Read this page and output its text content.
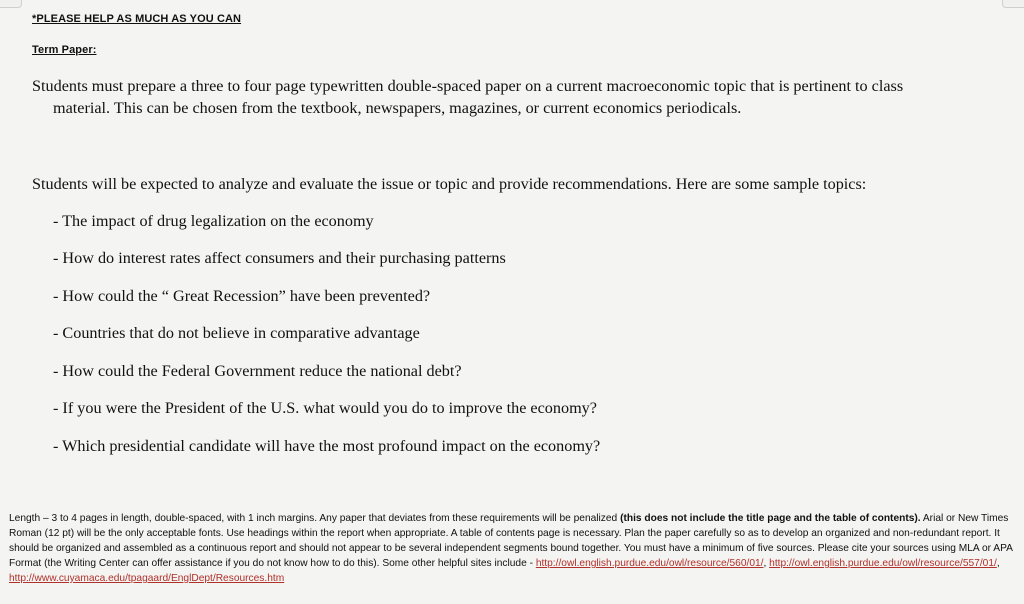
*PLEASE HELP AS MUCH AS YOU CAN
Term Paper:
Students must prepare a three to four page typewritten double-spaced paper on a current macroeconomic topic that is pertinent to class
material. This can be chosen from the textbook, newspapers, magazines, or current economics periodicals.
Students will be expected to analyze and evaluate the issue or topic and provide recommendations. Here are some sample topics:
- The impact of drug legalization on the economy
- How do interest rates affect consumers and their purchasing patterns
- How could the “ Great Recession” have been prevented?
- Countries that do not believe in comparative advantage
- How could the Federal Government reduce the national debt?
- If you were the President of the U.S. what would you do to improve the economy?
- Which presidential candidate will have the most profound impact on the economy?
Length – 3 to 4 pages in length, double-spaced, with 1 inch margins. Any paper that deviates from these requirements will be penalized (this does not include the title page and the table of contents). Arial or New Times Roman (12 pt) will be the only acceptable fonts. Use headings within the report when appropriate. A table of contents page is necessary. Plan the paper carefully so as to develop an organized and non-redundant report. It should be organized and assembled as a continuous report and should not appear to be several independent segments bound together. You must have a minimum of five sources. Please cite your sources using MLA or APA Format (the Writing Center can offer assistance if you do not know how to do this). Some other helpful sites include - http://owl.english.purdue.edu/owl/resource/560/01/, http://owl.english.purdue.edu/owl/resource/557/01/, http://www.cuyamaca.edu/tpagaard/EnglDept/Resources.htm
